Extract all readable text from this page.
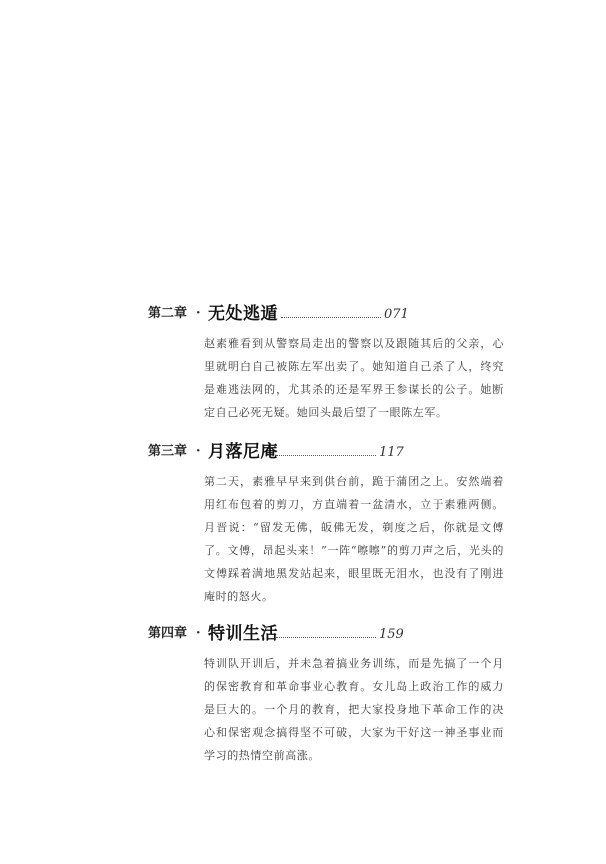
第二章 · 无处逃遁	071

赵素雅看到从警察局走出的警察以及跟随其后的父亲，心里就明白自己被陈左军出卖了。她知道自己杀了人，终究是难逃法网的，尤其杀的还是军界王参谋长的公子。她断定自己必死无疑。她回头最后望了一眼陈左军。

第三章 · 月落尼庵	117

第二天，素雅早早来到供台前，跪于蒲团之上。安然端着用红布包着的剪刀，方直端着一盆清水，立于素雅两侧。月晋说：“留发无佛，皈佛无发，剃度之后，你就是文傅了。文傅，昂起头来！”一阵“嚓嚓”的剪刀声之后，光头的文傅踩着满地黑发站起来，眼里既无泪水，也没有了刚进庵时的怒火。

第四章 · 特训生活	159

特训队开训后，并未急着搞业务训练，而是先搞了一个月的保密教育和革命事业心教育。女儿岛上政治工作的威力是巨大的。一个月的教育，把大家投身地下革命工作的决心和保密观念搞得坚不可破，大家为干好这一神圣事业而学习的热情空前高涨。
